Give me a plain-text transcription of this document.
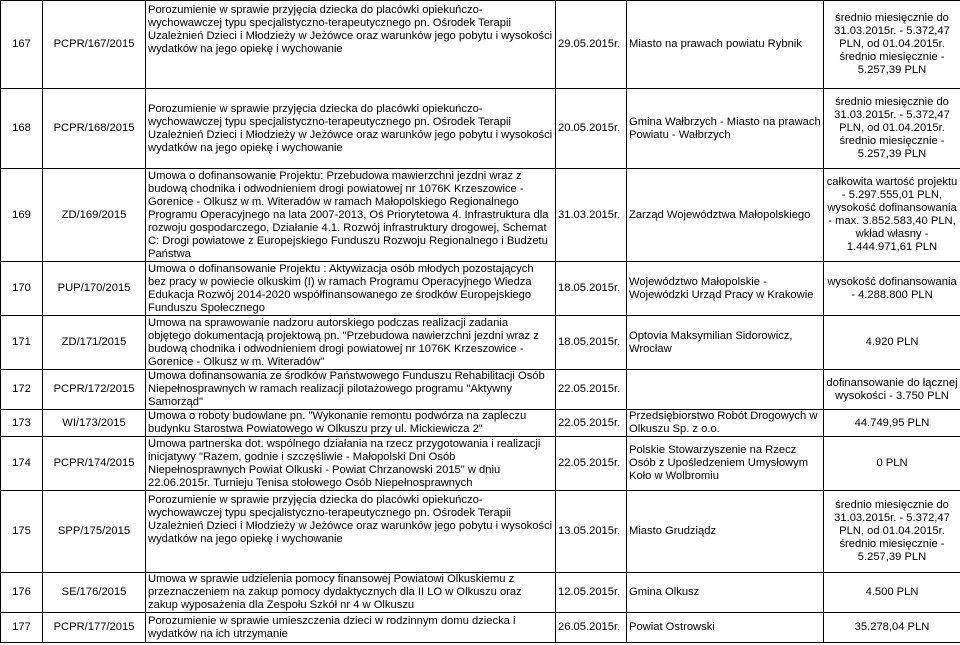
167	PCPR/167/2015	Porozumienie w sprawie przyjęcia dziecka do placówki opiekuńczo-wychowawczej typu specjalistyczno-terapeutycznego pn. Ośrodek Terapii Uzależnień Dzieci i Młodzieży w Jeżówce oraz warunków jego pobytu i wysokości wydatków na jego opiekę i wychowanie	29.05.2015r.	Miasto na prawach powiatu Rybnik	średnio miesięcznie do 31.03.2015r. - 5.372,47 PLN, od 01.04.2015r. średnio miesięcznie - 5.257,39 PLN
168	PCPR/168/2015	Porozumienie w sprawie przyjęcia dziecka do placówki opiekuńczo-wychowawczej typu specjalistyczno-terapeutycznego pn. Ośrodek Terapii Uzależnień Dzieci i Młodzieży w Jeżówce oraz warunków jego pobytu i wysokości wydatków na jego opiekę i wychowanie	20.05.2015r.	Gmina Wałbrzych - Miasto na prawach Powiatu - Wałbrzych	średnio miesięcznie do 31.03.2015r. - 5.372,47 PLN, od 01.04.2015r. średnio miesięcznie - 5.257,39 PLN
169	ZD/169/2015	Umowa o dofinansowanie Projektu: Przebudowa mawierzchni jezdni wraz z budową chodnika i odwodnieniem drogi powiatowej nr 1076K Krzeszowice - Gorenice - Olkusz w m. Witeradów w ramach Małopolskiego Regionalnego Programu Operacyjnego na lata 2007-2013, Oś Priorytetowa 4. Infrastruktura dla rozwoju gospodarczego, Działanie 4.1. Rozwój infrastruktury drogowej, Schemat C: Drogi powiatowe z Europejskiego Funduszu Rozwoju Regionalnego i Budżetu Państwa	31.03.2015r.	Zarząd Województwa Małopolskiego	całkowita wartość projektu - 5.297.555,01 PLN, wysokość dofinansowania - max. 3.852.583,40 PLN, wkład własny - 1.444.971,61 PLN
170	PUP/170/2015	Umowa o dofinansowanie Projektu : Aktywizacja osób młodych pozostających bez pracy w powiecie olkuskim (I) w ramach Programu Operacyjnego Wiedza Edukacja Rozwój 2014-2020 współfinansowanego ze środków Europejskiego Funduszu Społecznego	18.05.2015r.	Województwo Małopolskie - Wojewódzki Urząd Pracy w Krakowie	wysokość dofinansowania - 4.288.800 PLN
171	ZD/171/2015	Umowa na sprawowanie nadzoru autorskiego podczas realizacji zadania objętego dokumentacją projektową pn. "Przebudowa nawierzchni jezdni wraz z budową chodnika i odwodnieniem drogi powiatowej nr 1076K Krzeszowice - Gorenice - Olkusz w m. Witeradów"	18.05.2015r.	Optovia Maksymilian Sidorowicz, Wrocław	4.920 PLN
172	PCPR/172/2015	Umowa dofinansowania ze środków Państwowego Funduszu Rehabilitacji Osób Niepełnosprawnych w ramach realizacji pilotażowego programu "Aktywny Samorząd"	22.05.2015r.		dofinansowanie do łącznej wysokości - 3.750 PLN
173	WI/173/2015	Umowa o roboty budowlane pn. "Wykonanie remontu podwórza na zapleczu budynku Starostwa Powiatowego w Olkuszu przy ul. Mickiewicza 2"	22.05.2015r.	Przedsiębiorstwo Robót Drogowych w Olkuszu Sp. z o.o.	44.749,95 PLN
174	PCPR/174/2015	Umowa partnerska dot. wspólnego działania na rzecz przygotowania i realizacji inicjatywy "Razem, godnie i szczęśliwie - Małopolski Dni Osób Niepełnosprawnych Powiat Olkuski - Powiat Chrzanowski 2015" w dniu 22.06.2015r. Turnieju Tenisa stołowego Osób Niepełnosprawnych	22.05.2015r.	Polskie Stowarzyszenie na Rzecz Osób z Upośledzeniem Umysłowym Koło w Wolbromiu	0 PLN
175	SPP/175/2015	Porozumienie w sprawie przyjęcia dziecka do placówki opiekuńczo-wychowawczej typu specjalistyczno-terapeutycznego pn. Ośrodek Terapii Uzależnień Dzieci i Młodzieży w Jeżówce oraz warunków jego pobytu i wysokości wydatków na jego opiekę i wychowanie	13.05.2015r.	Miasto Grudziądz	średnio miesięcznie do 31.03.2015r. - 5.372,47 PLN, od 01.04.2015r. średnio miesięcznie - 5.257,39 PLN
176	SE/176/2015	Umowa w sprawie udzielenia pomocy finansowej Powiatowi Olkuskiemu z przeznaczeniem na zakup pomocy dydaktycznych dla II LO w Olkuszu oraz zakup wyposażenia dla Zespołu Szkół nr 4 w Olkuszu	12.05.2015r.	Gmina Olkusz	4.500 PLN
177	PCPR/177/2015	Porozumienie w sprawie umieszczenia dzieci w rodzinnym domu dziecka i wydatków na ich utrzymanie	26.05.2015r.	Powiat Ostrowski	35.278,04 PLN
